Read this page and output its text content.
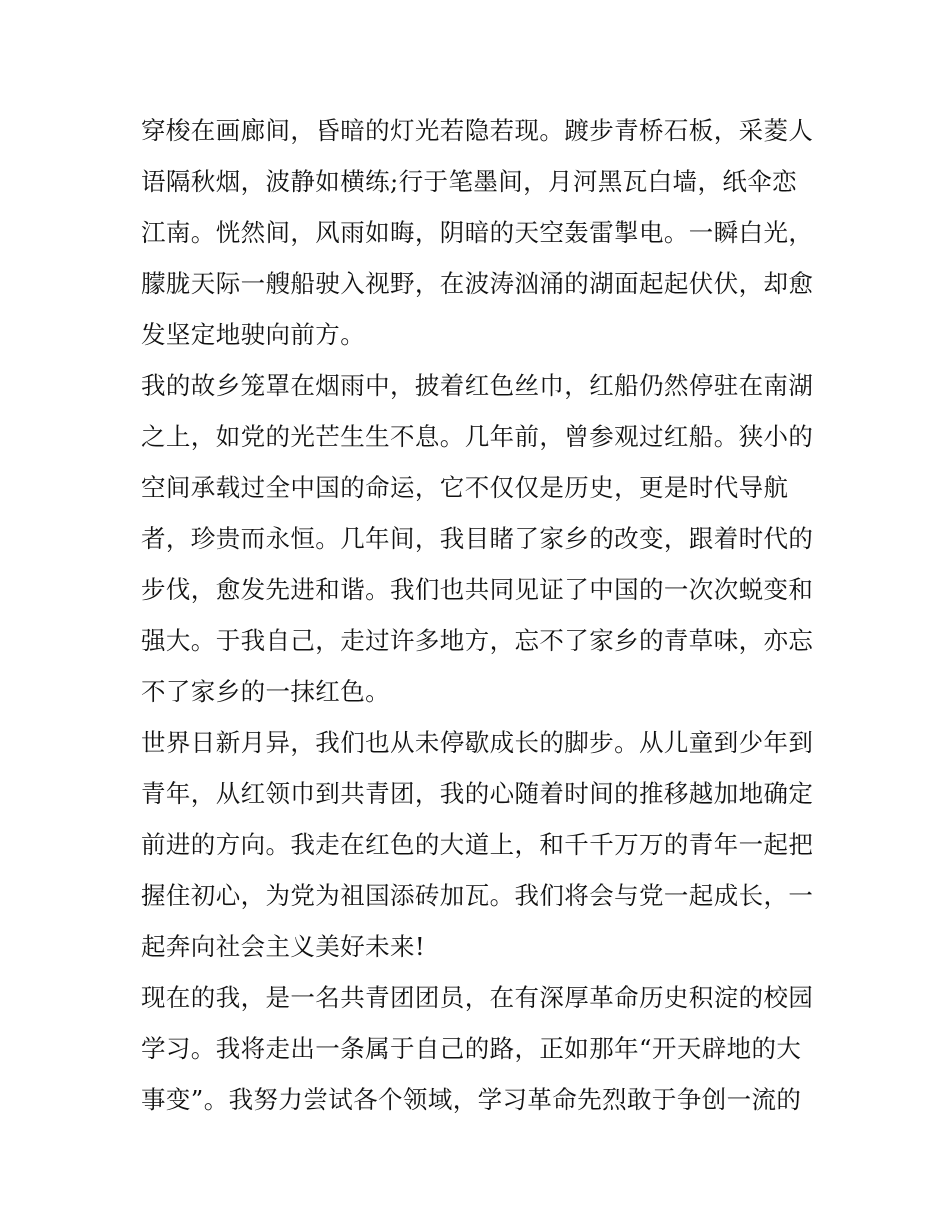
穿梭在画廊间，昏暗的灯光若隐若现。踱步青桥石板，采菱人
语隔秋烟，波静如横练;行于笔墨间，月河黑瓦白墙，纸伞恋
江南。恍然间，风雨如晦，阴暗的天空轰雷掣电。一瞬白光，
朦胧天际一艘船驶入视野，在波涛汹涌的湖面起起伏伏，却愈
发坚定地驶向前方。
我的故乡笼罩在烟雨中，披着红色丝巾，红船仍然停驻在南湖
之上，如党的光芒生生不息。几年前，曾参观过红船。狭小的
空间承载过全中国的命运，它不仅仅是历史，更是时代导航
者，珍贵而永恒。几年间，我目睹了家乡的改变，跟着时代的
步伐，愈发先进和谐。我们也共同见证了中国的一次次蜕变和
强大。于我自己，走过许多地方，忘不了家乡的青草味，亦忘
不了家乡的一抹红色。
世界日新月异，我们也从未停歇成长的脚步。从儿童到少年到
青年，从红领巾到共青团，我的心随着时间的推移越加地确定
前进的方向。我走在红色的大道上，和千千万万的青年一起把
握住初心，为党为祖国添砖加瓦。我们将会与党一起成长，一
起奔向社会主义美好未来!
现在的我，是一名共青团团员，在有深厚革命历史积淀的校园
学习。我将走出一条属于自己的路，正如那年“开天辟地的大
事变”。我努力尝试各个领域，学习革命先烈敢于争创一流的
